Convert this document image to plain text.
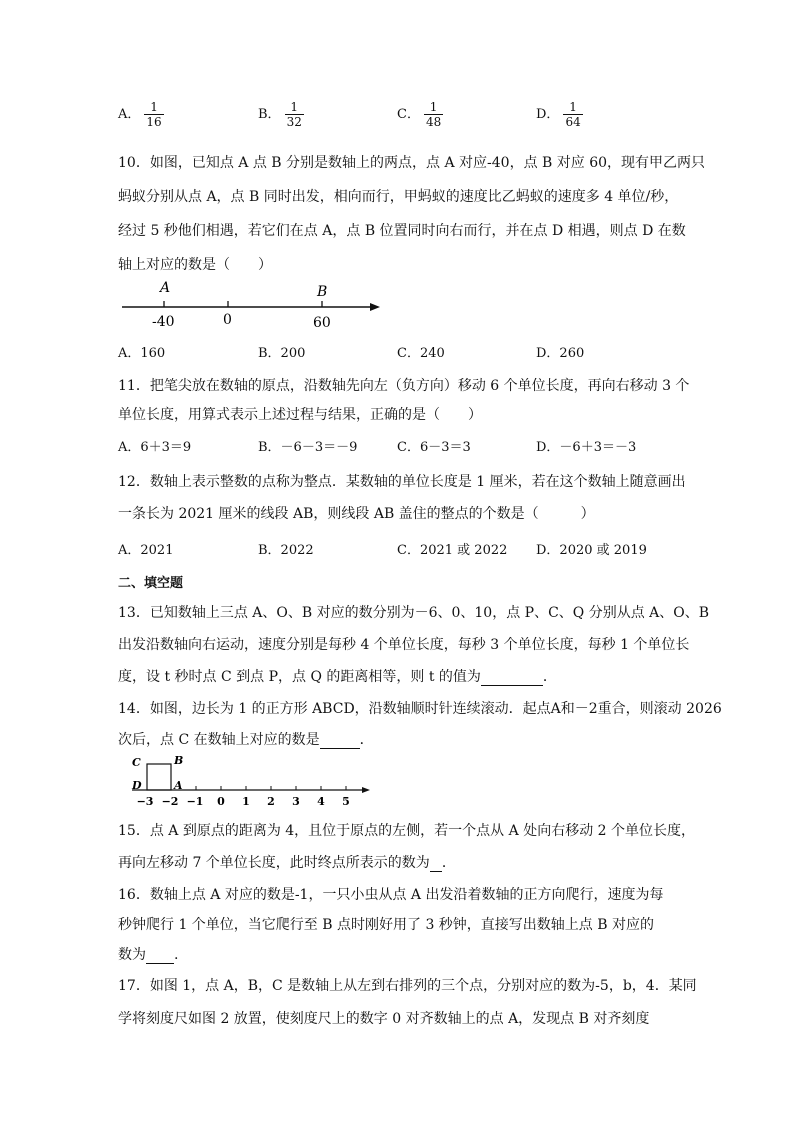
A． $\frac{1}{16}$	B． $\frac{1}{32}$	C． $\frac{1}{48}$	D． $\frac{1}{64}$
10．如图，已知点 A 点 B 分别是数轴上的两点，点 A 对应-40，点 B 对应 60，现有甲乙两只
蚂蚁分别从点 A，点 B 同时出发，相向而行，甲蚂蚁的速度比乙蚂蚁的速度多 4 单位/秒，
经过 5 秒他们相遇，若它们在点 A，点 B 位置同时向右而行，并在点 D 相遇，则点 D 在数
轴上对应的数是（　　）
A	B
-40	0	60
A．160	B．200	C．240	D．260
11．把笔尖放在数轴的原点，沿数轴先向左（负方向）移动 6 个单位长度，再向右移动 3 个
单位长度，用算式表示上述过程与结果，正确的是（　　）
A．6＋3＝9	B．－6－3＝－9	C．6－3＝3	D．－6＋3＝－3
12．数轴上表示整数的点称为整点．某数轴的单位长度是 1 厘米，若在这个数轴上随意画出
一条长为 2021 厘米的线段 AB，则线段 AB 盖住的整点的个数是（　　　）
A．2021	B．2022	C．2021 或 2022 D．2020 或 2019
二、填空题
13．已知数轴上三点 A、O、B 对应的数分别为－6、0、10，点 P、C、Q 分别从点 A、O、B
出发沿数轴向右运动，速度分别是每秒 4 个单位长度，每秒 3 个单位长度，每秒 1 个单位长
度，设 t 秒时点 C 到点 P，点 Q 的距离相等，则 t 的值为	．
14．如图，边长为 1 的正方形 ABCD，沿数轴顺时针连续滚动．起点A和－2重合，则滚动 2026
次后，点 C 在数轴上对应的数是	．
C	B
D	A
−3 −2 −1 0 1 2 3 4 5
15．点 A 到原点的距离为 4，且位于原点的左侧，若一个点从 A 处向右移动 2 个单位长度，
再向左移动 7 个单位长度，此时终点所表示的数为 ．
16．数轴上点 A 对应的数是-1，一只小虫从点 A 出发沿着数轴的正方向爬行，速度为每
秒钟爬行 1 个单位，当它爬行至 B 点时刚好用了 3 秒钟，直接写出数轴上点 B 对应的
数为 .
17．如图 1，点 A，B，C 是数轴上从左到右排列的三个点，分别对应的数为-5，b，4．某同
学将刻度尺如图 2 放置，使刻度尺上的数字 0 对齐数轴上的点 A，发现点 B 对齐刻度
